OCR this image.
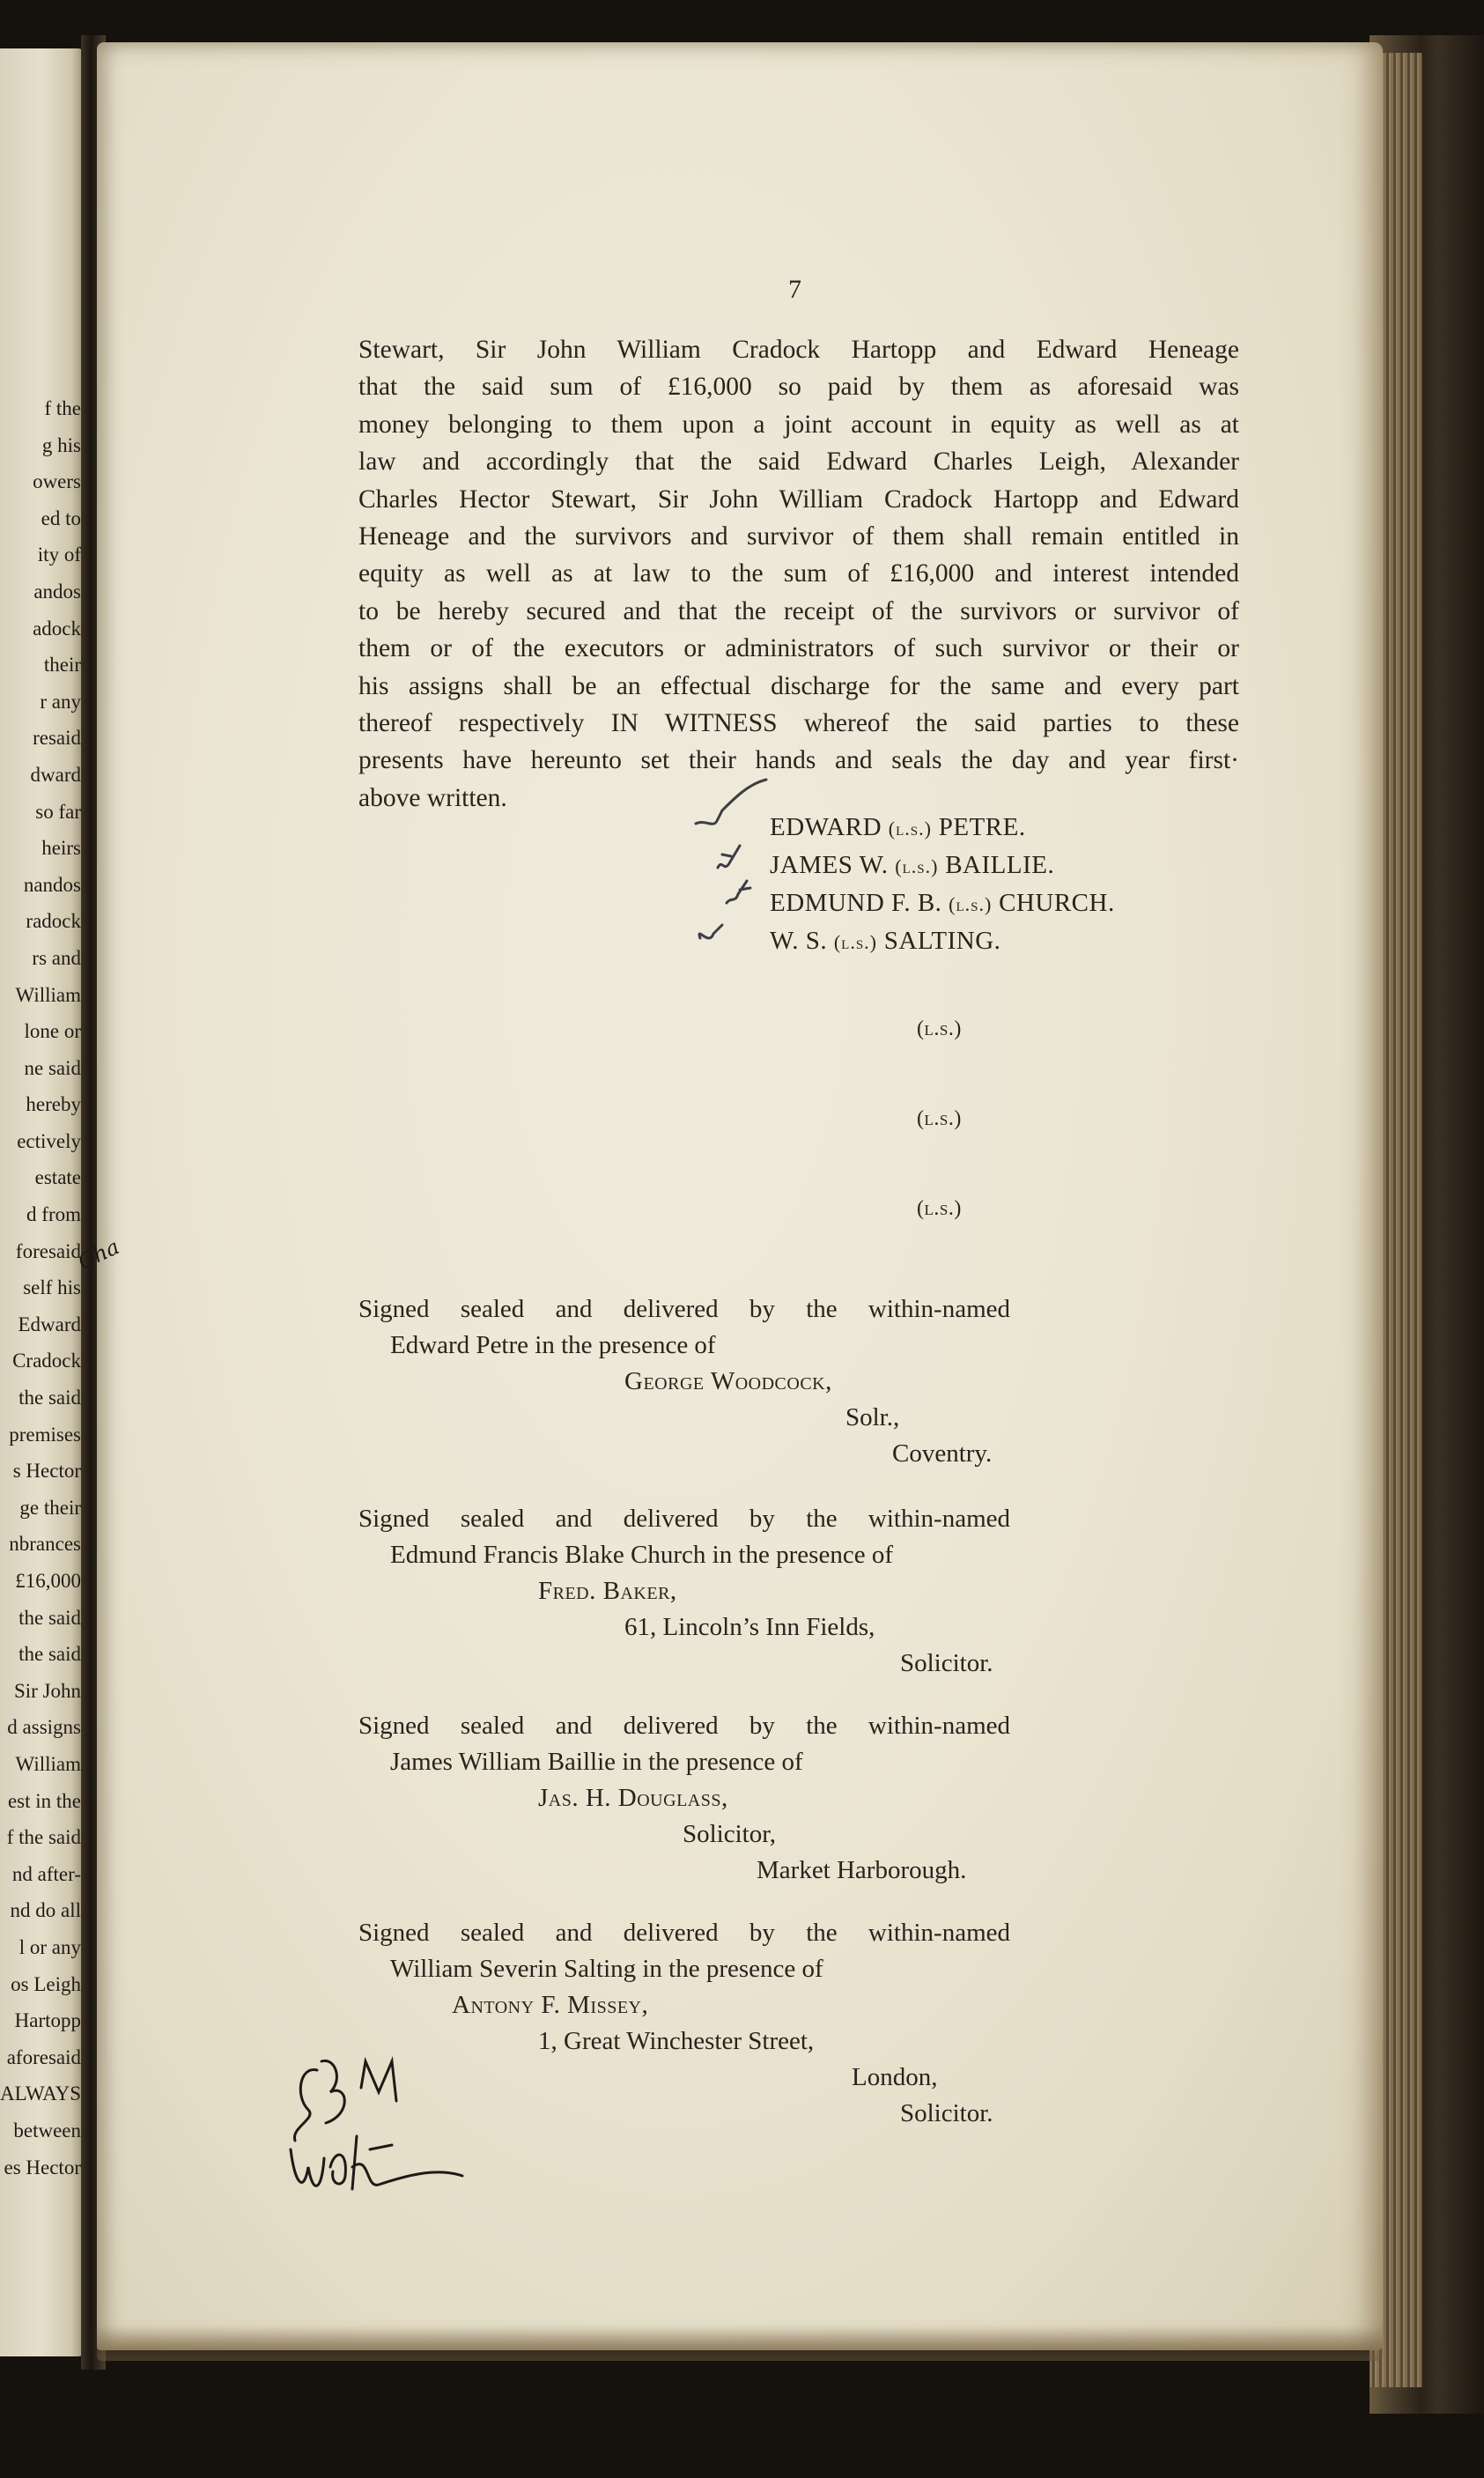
f the
g his
owers
ed to
ity of
andos
adock
their
r any
resaid
dward
so far
heirs
nandos
radock
rs and
William
lone or
ne said
hereby
ectively
estate
d from
foresaid
self his
Edward
Cradock
the said
premises
s Hector
ge their
nbrances
£16,000
the said
the said
Sir John
d assigns
William
est in the
f the said
nd after-
nd do all
l or any
os Leigh
Hartopp
aforesaid
ALWAYS
between
es Hector
7
Stewart, Sir John William Cradock Hartopp and Edward Heneage
that the said sum of £16,000 so paid by them as aforesaid was
money belonging to them upon a joint account in equity as well as at
law and accordingly that the said Edward Charles Leigh, Alexander
Charles Hector Stewart, Sir John William Cradock Hartopp and Edward
Heneage and the survivors and survivor of them shall remain entitled in
equity as well as at law to the sum of £16,000 and interest intended
to be hereby secured and that the receipt of the survivors or survivor of
them or of the executors or administrators of such survivor or their or
his assigns shall be an effectual discharge for the same and every part
thereof respectively IN WITNESS whereof the said parties to these
presents have hereunto set their hands and seals the day and year first·
above written.
EDWARD (l.s.) PETRE.
JAMES W. (l.s.) BAILLIE.
EDMUND F. B. (l.s.) CHURCH.
W. S. (l.s.) SALTING.
(l.s.)
(l.s.)
(l.s.)
Signed sealed and delivered by the within-named
Edward Petre in the presence of
George Woodcock,
Solr.,
Coventry.
Signed sealed and delivered by the within-named
Edmund Francis Blake Church in the presence of
Fred. Baker,
61, Lincoln’s Inn Fields,
Solicitor.
Signed sealed and delivered by the within-named
James William Baillie in the presence of
Jas. H. Douglass,
Solicitor,
Market Harborough.
Signed sealed and delivered by the within-named
William Severin Salting in the presence of
Antony F. Missey,
1, Great Winchester Street,
London,
Solicitor.
Cha
